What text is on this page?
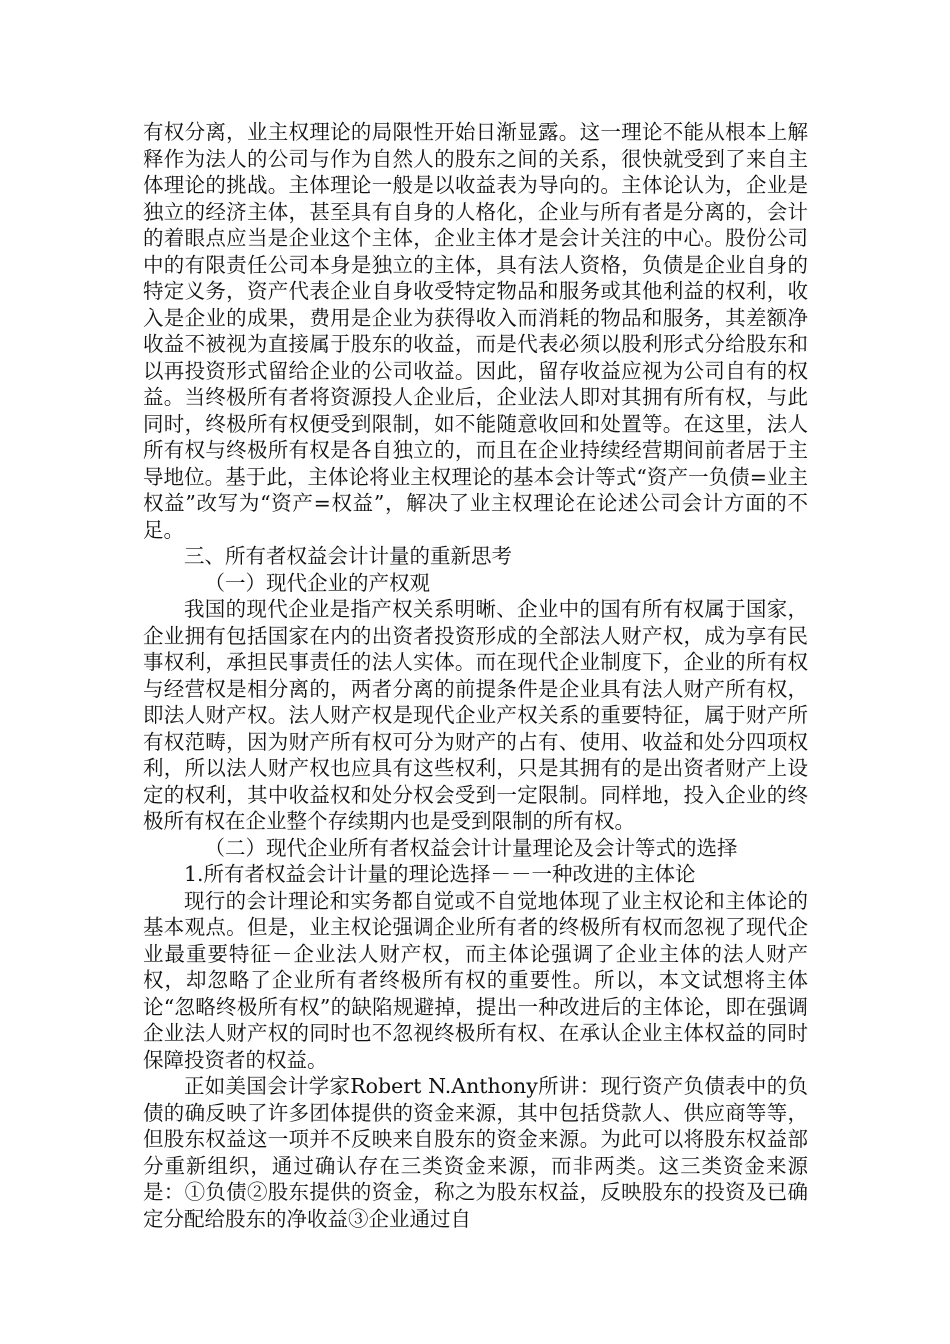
有权分离，业主权理论的局限性开始日渐显露。这一理论不能从根本上解释作为法人的公司与作为自然人的股东之间的关系，很快就受到了来自主体理论的挑战。主体理论一般是以收益表为导向的。主体论认为，企业是独立的经济主体，甚至具有自身的人格化，企业与所有者是分离的，会计的着眼点应当是企业这个主体，企业主体才是会计关注的中心。股份公司中的有限责任公司本身是独立的主体，具有法人资格，负债是企业自身的特定义务，资产代表企业自身收受特定物品和服务或其他利益的权利，收入是企业的成果，费用是企业为获得收入而消耗的物品和服务，其差额净收益不被视为直接属于股东的收益，而是代表必须以股利形式分给股东和以再投资形式留给企业的公司收益。因此，留存收益应视为公司自有的权益。当终极所有者将资源投人企业后，企业法人即对其拥有所有权，与此同时，终极所有权便受到限制，如不能随意收回和处置等。在这里，法人所有权与终极所有权是各自独立的，而且在企业持续经营期间前者居于主导地位。基于此，主体论将业主权理论的基本会计等式“资产一负债=业主权益”改写为“资产=权益”，解决了业主权理论在论述公司会计方面的不足。

三、所有者权益会计计量的重新思考

（一）现代企业的产权观

我国的现代企业是指产权关系明晰、企业中的国有所有权属于国家，企业拥有包括国家在内的出资者投资形成的全部法人财产权，成为享有民事权利，承担民事责任的法人实体。而在现代企业制度下，企业的所有权与经营权是相分离的，两者分离的前提条件是企业具有法人财产所有权，即法人财产权。法人财产权是现代企业产权关系的重要特征，属于财产所有权范畴，因为财产所有权可分为财产的占有、使用、收益和处分四项权利，所以法人财产权也应具有这些权利，只是其拥有的是出资者财产上设定的权利，其中收益权和处分权会受到一定限制。同样地，投入企业的终极所有权在企业整个存续期内也是受到限制的所有权。

（二）现代企业所有者权益会计计量理论及会计等式的选择

1.所有者权益会计计量的理论选择－－一种改进的主体论

现行的会计理论和实务都自觉或不自觉地体现了业主权论和主体论的基本观点。但是，业主权论强调企业所有者的终极所有权而忽视了现代企业最重要特征－企业法人财产权，而主体论强调了企业主体的法人财产权，却忽略了企业所有者终极所有权的重要性。所以，本文试想将主体论“忽略终极所有权”的缺陷规避掉，提出一种改进后的主体论，即在强调企业法人财产权的同时也不忽视终极所有权、在承认企业主体权益的同时保障投资者的权益。

正如美国会计学家Robert N.Anthony所讲：现行资产负债表中的负债的确反映了许多团体提供的资金来源，其中包括贷款人、供应商等等，但股东权益这一项并不反映来自股东的资金来源。为此可以将股东权益部分重新组织，通过确认存在三类资金来源，而非两类。这三类资金来源是：①负债②股东提供的资金，称之为股东权益，反映股东的投资及已确定分配给股东的净收益③企业通过自
